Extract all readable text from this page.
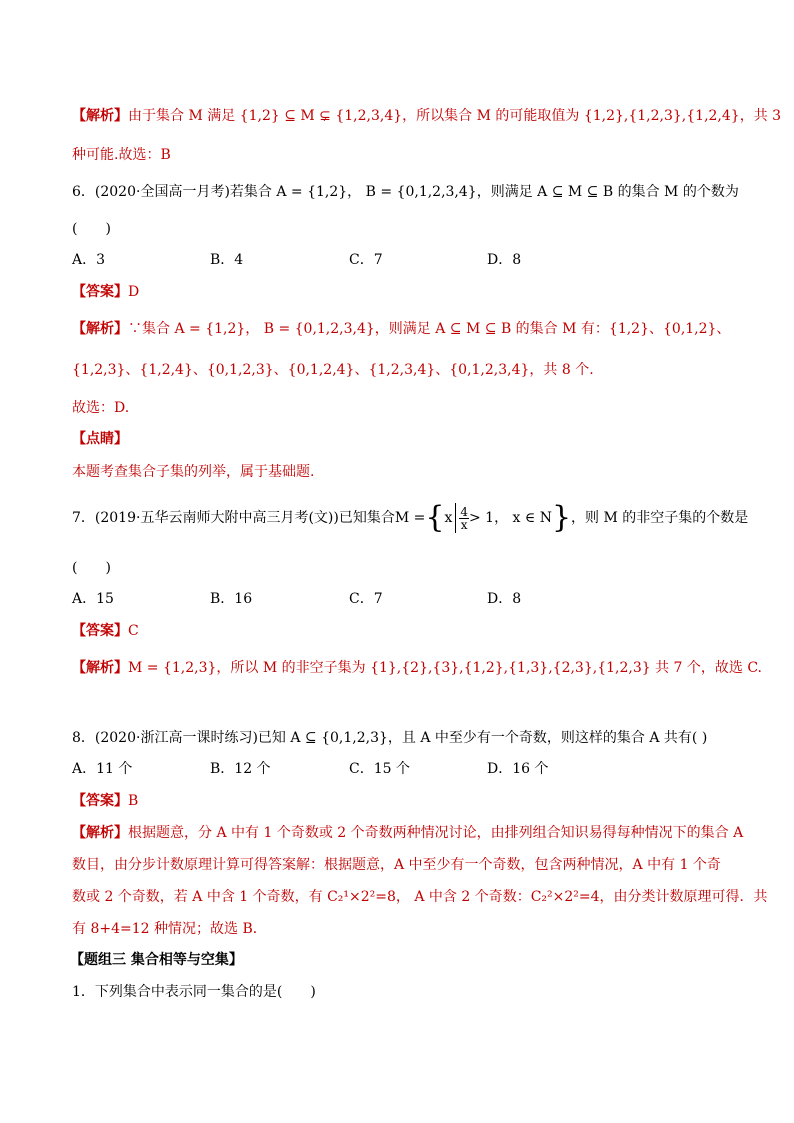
【解析】由于集合 M 满足 {1,2} ⊆ M ⊊ {1,2,3,4}，所以集合 M 的可能取值为 {1,2},{1,2,3},{1,2,4}，共 3
种可能.故选：B
6．(2020·全国高一月考)若集合 A = {1,2}， B = {0,1,2,3,4}，则满足 A ⊆ M ⊆ B 的集合 M 的个数为
(　　)
A．3	B．4	C．7	D．8
【答案】D
【解析】∵集合 A = {1,2}， B = {0,1,2,3,4}，则满足 A ⊆ M ⊆ B 的集合 M 有：{1,2}、{0,1,2}、
{1,2,3}、{1,2,4}、{0,1,2,3}、{0,1,2,4}、{1,2,3,4}、{0,1,2,3,4}，共 8 个.
故选：D.
【点睛】
本题考查集合子集的列举，属于基础题.
7．(2019·五华云南师大附中高三月考(文))已知集合$M =\{x \frac{4}{x} > 1$， x ∈ N}，则 M 的非空子集的个数是
(　　)
A．15	B．16	C．7	D．8
【答案】C
【解析】M = {1,2,3}，所以 M 的非空子集为 {1},{2},{3},{1,2},{1,3},{2,3},{1,2,3} 共 7 个，故选 C.
8．(2020·浙江高一课时练习)已知 A ⊆ {0,1,2,3}，且 A 中至少有一个奇数，则这样的集合 A 共有( )
A．11 个	B．12 个	C．15 个	D．16 个
【答案】B
【解析】根据题意，分 A 中有 1 个奇数或 2 个奇数两种情况讨论，由排列组合知识易得每种情况下的集合 A
数目，由分步计数原理计算可得答案解：根据题意，A 中至少有一个奇数，包含两种情况，A 中有 1 个奇
数或 2 个奇数，若 A 中含 1 个奇数，有 C₂¹×2²=8， A 中含 2 个奇数：C₂²×2²=4，由分类计数原理可得．共
有 8+4=12 种情况；故选 B．
【题组三 集合相等与空集】
1．下列集合中表示同一集合的是(　　)
